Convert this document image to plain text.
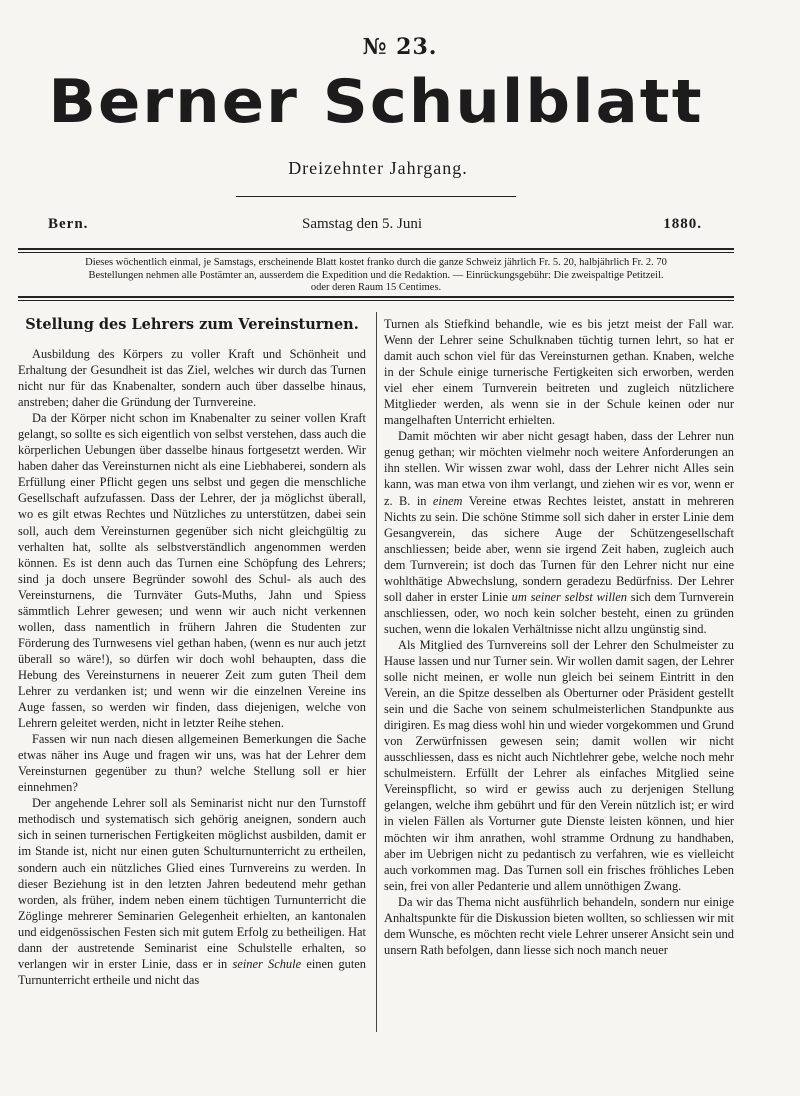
№ 23.
Berner Schulblatt
Dreizehnter Jahrgang.
Bern.	Samstag den 5. Juni	1880.
Dieses wöchentlich einmal, je Samstags, erscheinende Blatt kostet franko durch die ganze Schweiz jährlich Fr. 5. 20, halbjährlich Fr. 2. 70
Bestellungen nehmen alle Postämter an, ausserdem die Expedition und die Redaktion. — Einrückungsgebühr: Die zweispaltige Petitzeil.
oder deren Raum 15 Centimes.
Stellung des Lehrers zum Vereinsturnen.

Ausbildung des Körpers zu voller Kraft und Schönheit und Erhaltung der Gesundheit ist das Ziel, welches wir durch das Turnen nicht nur für das Knabenalter, sondern auch über dasselbe hinaus, anstreben; daher die Gründung der Turnvereine.

Da der Körper nicht schon im Knabenalter zu seiner vollen Kraft gelangt, so sollte es sich eigentlich von selbst verstehen, dass auch die körperlichen Uebungen über dasselbe hinaus fortgesetzt werden. Wir haben daher das Vereinsturnen nicht als eine Liebhaberei, sondern als Erfüllung einer Pflicht gegen uns selbst und gegen die menschliche Gesellschaft aufzufassen. Dass der Lehrer, der ja möglichst überall, wo es gilt etwas Rechtes und Nützliches zu unterstützen, dabei sein soll, auch dem Vereinsturnen gegenüber sich nicht gleichgültig zu verhalten hat, sollte als selbstverständlich angenommen werden können. Es ist denn auch das Turnen eine Schöpfung des Lehrers; sind ja doch unsere Begründer sowohl des Schul- als auch des Vereinsturnens, die Turnväter Guts-Muths, Jahn und Spiess sämmtlich Lehrer gewesen; und wenn wir auch nicht verkennen wollen, dass namentlich in frühern Jahren die Studenten zur Förderung des Turnwesens viel gethan haben, (wenn es nur auch jetzt überall so wäre!), so dürfen wir doch wohl behaupten, dass die Hebung des Vereinsturnens in neuerer Zeit zum guten Theil dem Lehrer zu verdanken ist; und wenn wir die einzelnen Vereine ins Auge fassen, so werden wir finden, dass diejenigen, welche von Lehrern geleitet werden, nicht in letzter Reihe stehen.

Fassen wir nun nach diesen allgemeinen Bemerkungen die Sache etwas näher ins Auge und fragen wir uns, was hat der Lehrer dem Vereinsturnen gegenüber zu thun? welche Stellung soll er hier einnehmen?

Der angehende Lehrer soll als Seminarist nicht nur den Turnstoff methodisch und systematisch sich gehörig aneignen, sondern auch sich in seinen turnerischen Fertigkeiten möglichst ausbilden, damit er im Stande ist, nicht nur einen guten Schulturnunterricht zu ertheilen, sondern auch ein nützliches Glied eines Turnvereins zu werden. In dieser Beziehung ist in den letzten Jahren bedeutend mehr gethan worden, als früher, indem neben einem tüchtigen Turnunterricht die Zöglinge mehrerer Seminarien Gelegenheit erhielten, an kantonalen und eidgenössischen Festen sich mit gutem Erfolg zu betheiligen. Hat dann der austretende Seminarist eine Schulstelle erhalten, so verlangen wir in erster Linie, dass er in seiner Schule einen guten Turnunterricht ertheile und nicht das

Turnen als Stiefkind behandle, wie es bis jetzt meist der Fall war. Wenn der Lehrer seine Schulknaben tüchtig turnen lehrt, so hat er damit auch schon viel für das Vereinsturnen gethan. Knaben, welche in der Schule einige turnerische Fertigkeiten sich erworben, werden viel eher einem Turnverein beitreten und zugleich nützlichere Mitglieder werden, als wenn sie in der Schule keinen oder nur mangelhaften Unterricht erhielten.

Damit möchten wir aber nicht gesagt haben, dass der Lehrer nun genug gethan; wir möchten vielmehr noch weitere Anforderungen an ihn stellen. Wir wissen zwar wohl, dass der Lehrer nicht Alles sein kann, was man etwa von ihm verlangt, und ziehen wir es vor, wenn er z. B. in einem Vereine etwas Rechtes leistet, anstatt in mehreren Nichts zu sein. Die schöne Stimme soll sich daher in erster Linie dem Gesangverein, das sichere Auge der Schützengesellschaft anschliessen; beide aber, wenn sie irgend Zeit haben, zugleich auch dem Turnverein; ist doch das Turnen für den Lehrer nicht nur eine wohlthätige Abwechslung, sondern geradezu Bedürfniss. Der Lehrer soll daher in erster Linie um seiner selbst willen sich dem Turnverein anschliessen, oder, wo noch kein solcher besteht, einen zu gründen suchen, wenn die lokalen Verhältnisse nicht allzu ungünstig sind.

Als Mitglied des Turnvereins soll der Lehrer den Schulmeister zu Hause lassen und nur Turner sein. Wir wollen damit sagen, der Lehrer solle nicht meinen, er wolle nun gleich bei seinem Eintritt in den Verein, an die Spitze desselben als Oberturner oder Präsident gestellt sein und die Sache von seinem schulmeisterlichen Standpunkte aus dirigiren. Es mag diess wohl hin und wieder vorgekommen und Grund von Zerwürfnissen gewesen sein; damit wollen wir nicht ausschliessen, dass es nicht auch Nichtlehrer gebe, welche noch mehr schulmeistern. Erfüllt der Lehrer als einfaches Mitglied seine Vereinspflicht, so wird er gewiss auch zu derjenigen Stellung gelangen, welche ihm gebührt und für den Verein nützlich ist; er wird in vielen Fällen als Vorturner gute Dienste leisten können, und hier möchten wir ihm anrathen, wohl stramme Ordnung zu handhaben, aber im Uebrigen nicht zu pedantisch zu verfahren, wie es vielleicht auch vorkommen mag. Das Turnen soll ein frisches fröhliches Leben sein, frei von aller Pedanterie und allem unnöthigen Zwang.

Da wir das Thema nicht ausführlich behandeln, sondern nur einige Anhaltspunkte für die Diskussion bieten wollten, so schliessen wir mit dem Wunsche, es möchten recht viele Lehrer unserer Ansicht sein und unsern Rath befolgen, dann liesse sich noch manch neuer
